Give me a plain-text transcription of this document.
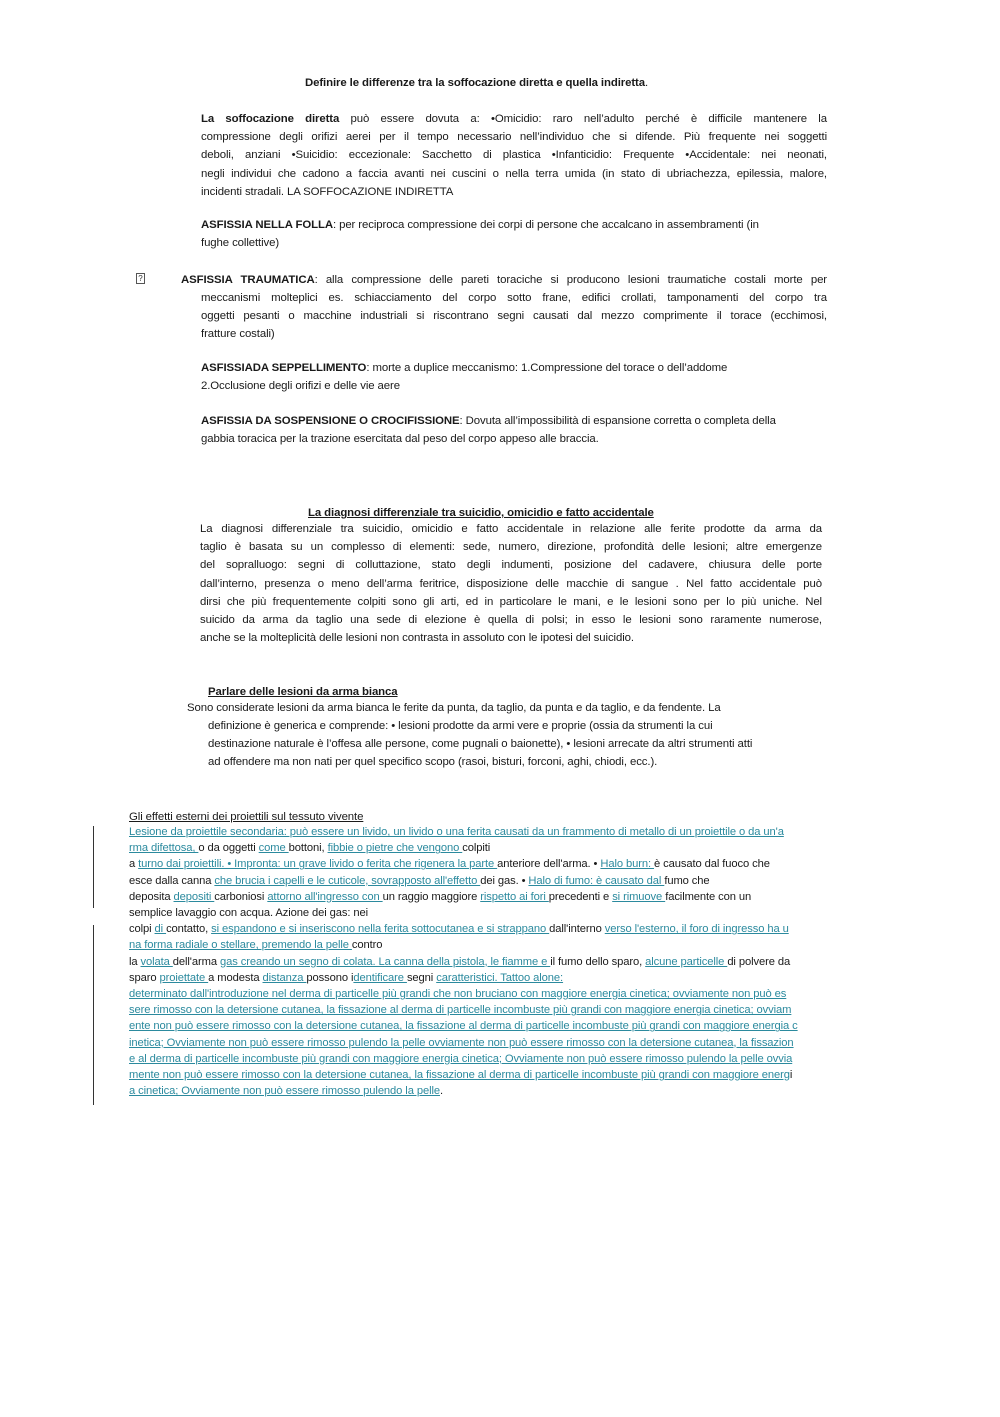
Definire le differenze tra la soffocazione diretta e quella indiretta.
La soffocazione diretta può essere dovuta a: •Omicidio: raro nell’adulto perché è difficile mantenere la
compressione degli orifizi aerei per il tempo necessario nell’individuo che si difende. Più frequente nei soggetti
deboli, anziani •Suicidio: eccezionale: Sacchetto di plastica •Infanticidio: Frequente •Accidentale: nei neonati,
negli individui che cadono a faccia avanti nei cuscini o nella terra umida (in stato di ubriachezza, epilessia, malore,
incidenti stradali. LA SOFFOCAZIONE INDIRETTA
ASFISSIA NELLA FOLLA: per reciproca compressione dei corpi di persone che accalcano in assembramenti (in
fughe collettive)
?	ASFISSIA TRAUMATICA: alla compressione delle pareti toraciche si producono lesioni traumatiche costali morte per
meccanismi molteplici es. schiacciamento del corpo sotto frane, edifici crollati, tamponamenti del corpo tra
oggetti pesanti o macchine industriali si riscontrano segni causati dal mezzo comprimente il torace (ecchimosi,
fratture costali)
ASFISSIADA SEPPELLIMENTO: morte a duplice meccanismo: 1.Compressione del torace o dell’addome
2.Occlusione degli orifizi e delle vie aere
ASFISSIA DA SOSPENSIONE O CROCIFISSIONE: Dovuta all’impossibilità di espansione corretta o completa della
gabbia toracica per la trazione esercitata dal peso del corpo appeso alle braccia.
La diagnosi differenziale tra suicidio, omicidio e fatto accidentale
La diagnosi differenziale tra suicidio, omicidio e fatto accidentale in relazione alle ferite prodotte da arma da
taglio è basata su un complesso di elementi: sede, numero, direzione, profondità delle lesioni; altre emergenze
del sopralluogo: segni di colluttazione, stato degli indumenti, posizione del cadavere, chiusura delle porte
dall’interno, presenza o meno dell’arma feritrice, disposizione delle macchie di sangue . Nel fatto accidentale può
dirsi che più frequentemente colpiti sono gli arti, ed in particolare le mani, e le lesioni sono per lo più uniche. Nel
suicido da arma da taglio una sede di elezione è quella di polsi; in esso le lesioni sono raramente numerose,
anche se la molteplicità delle lesioni non contrasta in assoluto con le ipotesi del suicidio.
Parlare delle lesioni da arma bianca
Sono considerate lesioni da arma bianca le ferite da punta, da taglio, da punta e da taglio, e da fendente. La
definizione è generica e comprende: • lesioni prodotte da armi vere e proprie (ossia da strumenti la cui
destinazione naturale è l’offesa alle persone, come pugnali o baionette), • lesioni arrecate da altri strumenti atti
ad offendere ma non nati per quel specifico scopo (rasoi, bisturi, forconi, aghi, chiodi, ecc.).
Gli effetti esterni dei proiettili sul tessuto vivente
Lesione da proiettile secondaria: può essere un livido, un livido o una ferita causati da un frammento di metallo di un proiettile o da un'a
rma difettosa, o da oggetti come bottoni, fibbie o pietre che vengono colpiti
a turno dai proiettili. • Impronta: un grave livido o ferita che rigenera la parte anteriore dell'arma. • Halo burn: è causato dal fuoco che
esce dalla canna che brucia i capelli e le cuticole, sovrapposto all'effetto dei gas. • Halo di fumo: è causato dal fumo che
deposita depositi carboniosi attorno all'ingresso con un raggio maggiore rispetto ai fori precedenti e si rimuove facilmente con un
semplice lavaggio con acqua. Azione dei gas: nei
colpi di contatto, si espandono e si inseriscono nella ferita sottocutanea e si strappano dall'interno verso l'esterno, il foro di ingresso ha u
na forma radiale o stellare, premendo la pelle contro
la volata dell'arma gas creando un segno di colata. La canna della pistola, le fiamme e il fumo dello sparo, alcune particelle di polvere da
sparo proiettate a modesta distanza possono identificare segni caratteristici. Tattoo alone:
determinato dall'introduzione nel derma di particelle più grandi che non bruciano con maggiore energia cinetica; ovviamente non può es
sere rimosso con la detersione cutanea, la fissazione al derma di particelle incombuste più grandi con maggiore energia cinetica; ovviam
ente non può essere rimosso con la detersione cutanea, la fissazione al derma di particelle incombuste più grandi con maggiore energia c
inetica; Ovviamente non può essere rimosso pulendo la pelle ovviamente non può essere rimosso con la detersione cutanea, la fissazion
e al derma di particelle incombuste più grandi con maggiore energia cinetica; Ovviamente non può essere rimosso pulendo la pelle ovvia
mente non può essere rimosso con la detersione cutanea, la fissazione al derma di particelle incombuste più grandi con maggiore energi
a cinetica; Ovviamente non può essere rimosso pulendo la pelle.
